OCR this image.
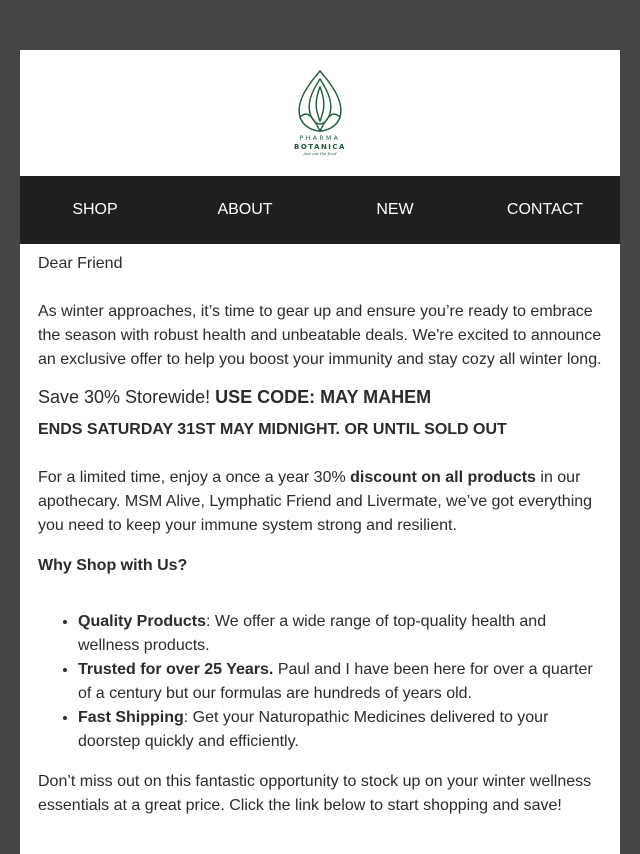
PHARMA
BOTANICA
just eat the food
SHOP	ABOUT	NEW	CONTACT

Dear Friend

As winter approaches, it’s time to gear up and ensure you’re ready to embrace the season with robust health and unbeatable deals. We're excited to announce an exclusive offer to help you boost your immunity and stay cozy all winter long.

Save 30% Storewide! USE CODE: MAY MAHEM

ENDS SATURDAY 31ST MAY MIDNIGHT. OR UNTIL SOLD OUT

For a limited time, enjoy a once a year 30% discount on all products in our apothecary. MSM Alive, Lymphatic Friend and Livermate, we’ve got everything you need to keep your immune system strong and resilient.

Why Shop with Us?

• Quality Products: We offer a wide range of top-quality health and wellness products.
• Trusted for over 25 Years. Paul and I have been here for over a quarter of a century but our formulas are hundreds of years old.
• Fast Shipping: Get your Naturopathic Medicines delivered to your doorstep quickly and efficiently.

Don’t miss out on this fantastic opportunity to stock up on your winter wellness essentials at a great price. Click the link below to start shopping and save!
